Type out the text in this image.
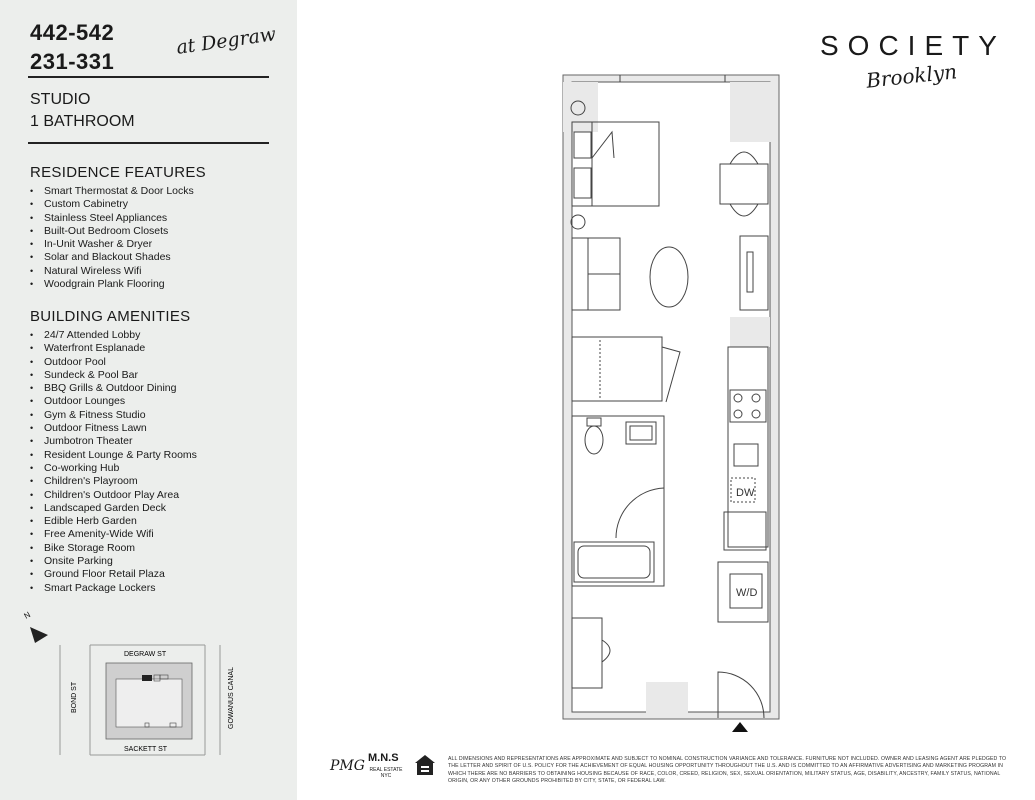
442-542
231-331
at Degraw
STUDIO
1 BATHROOM
RESIDENCE FEATURES
• Smart Thermostat & Door Locks
• Custom Cabinetry
• Stainless Steel Appliances
• Built-Out Bedroom Closets
• In-Unit Washer & Dryer
• Solar and Blackout Shades
• Natural Wireless Wifi
• Woodgrain Plank Flooring
BUILDING AMENITIES
• 24/7 Attended Lobby
• Waterfront Esplanade
• Outdoor Pool
• Sundeck & Pool Bar
• BBQ Grills & Outdoor Dining
• Outdoor Lounges
• Gym & Fitness Studio
• Outdoor Fitness Lawn
• Jumbotron Theater
• Resident Lounge & Party Rooms
• Co-working Hub
• Children's Playroom
• Children's Outdoor Play Area
• Landscaped Garden Deck
• Edible Herb Garden
• Free Amenity-Wide Wifi
• Bike Storage Room
• Onsite Parking
• Ground Floor Retail Plaza
• Smart Package Lockers
N
DEGRAW ST
SACKETT ST
BOND ST	GOWANUS CANAL
SOCIETY
Brooklyn
DW
W/D
PMG M.N.S
REAL ESTATE NYC
ALL DIMENSIONS AND REPRESENTATIONS ARE APPROXIMATE AND SUBJECT TO NOMINAL CONSTRUCTION VARIANCE AND TOLERANCE. FURNITURE NOT INCLUDED. OWNER AND LEASING AGENT ARE PLEDGED TO THE LETTER AND SPIRIT OF U.S. POLICY FOR THE ACHIEVEMENT OF EQUAL HOUSING OPPORTUNITY THROUGHOUT THE U.S. AND IS COMMITTED TO AN AFFIRMATIVE ADVERTISING AND MARKETING PROGRAM IN WHICH THERE ARE NO BARRIERS TO OBTAINING HOUSING BECAUSE OF RACE, COLOR, CREED, RELIGION, SEX, SEXUAL ORIENTATION, MILITARY STATUS, AGE, DISABILITY, ANCESTRY, FAMILY STATUS, NATIONAL ORIGIN, OR ANY OTHER GROUNDS PROHIBITED BY CITY, STATE, OR FEDERAL LAW.
